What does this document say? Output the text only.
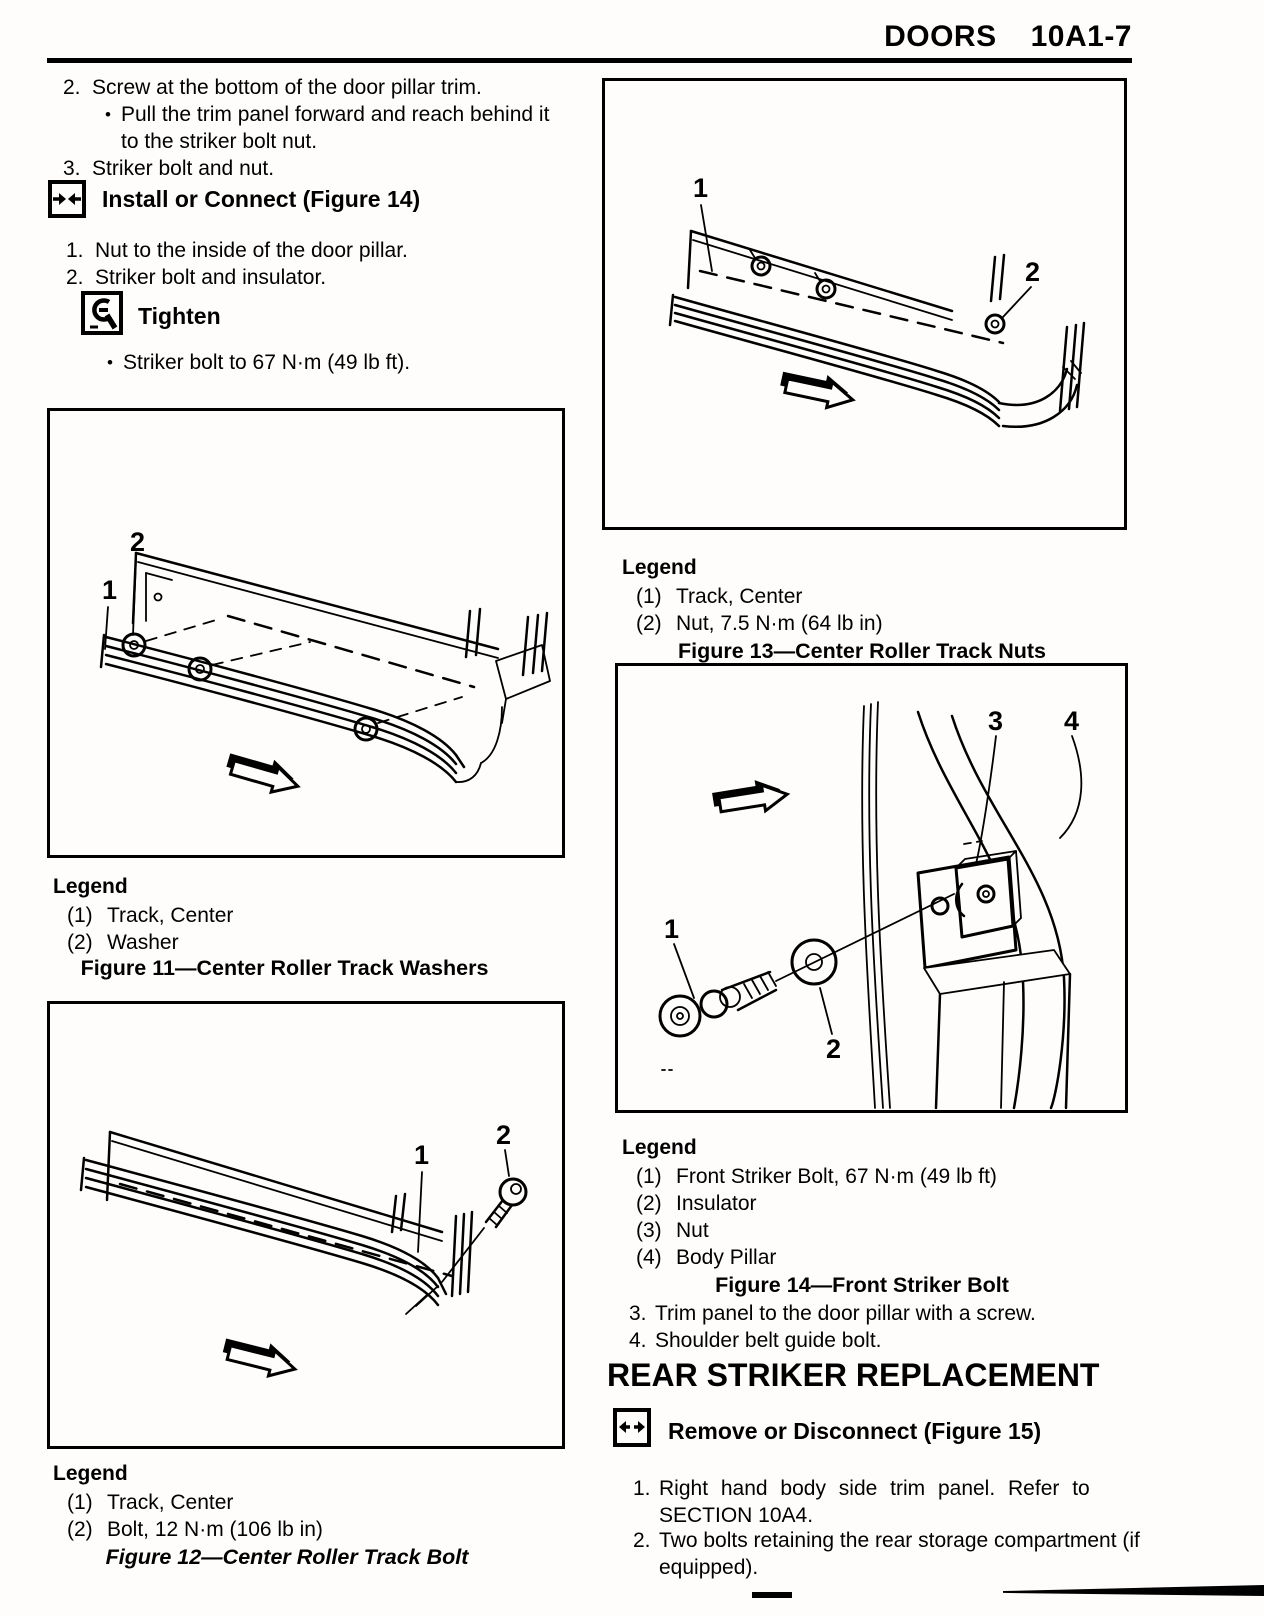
DOORS 10A1-7
2. Screw at the bottom of the door pillar trim.
• Pull the trim panel forward and reach behind it
to the striker bolt nut.
3. Striker bolt and nut.
Install or Connect (Figure 14)
1. Nut to the inside of the door pillar.
2. Striker bolt and insulator.
Tighten
• Striker bolt to 67 N·m (49 lb ft).
1
2
Legend
(1) Track, Center
(2) Washer
Figure 11—Center Roller Track Washers
1
2
Legend
(1) Track, Center
(2) Bolt, 12 N·m (106 lb in)
Figure 12—Center Roller Track Bolt
1
2
Legend
(1) Track, Center
(2) Nut, 7.5 N·m (64 lb in)
Figure 13—Center Roller Track Nuts
1
2
3 4
Legend
(1) Front Striker Bolt, 67 N·m (49 lb ft)
(2) Insulator
(3) Nut
(4) Body Pillar
Figure 14—Front Striker Bolt
3. Trim panel to the door pillar with a screw.
4. Shoulder belt guide bolt.
REAR STRIKER REPLACEMENT
Remove or Disconnect (Figure 15)
1. Right hand body side trim panel. Refer to
SECTION 10A4.
2. Two bolts retaining the rear storage compartment (if
equipped).
